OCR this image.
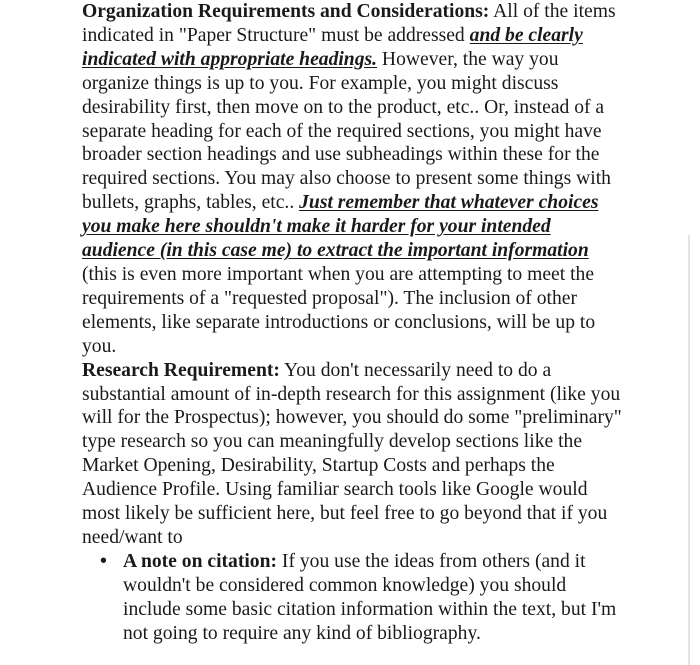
Organization Requirements and Considerations: All of the items indicated in "Paper Structure" must be addressed and be clearly indicated with appropriate headings. However, the way you organize things is up to you. For example, you might discuss desirability first, then move on to the product, etc.. Or, instead of a separate heading for each of the required sections, you might have broader section headings and use subheadings within these for the required sections. You may also choose to present some things with bullets, graphs, tables, etc.. Just remember that whatever choices you make here shouldn't make it harder for your intended audience (in this case me) to extract the important information (this is even more important when you are attempting to meet the requirements of a "requested proposal"). The inclusion of other elements, like separate introductions or conclusions, will be up to you.

Research Requirement: You don't necessarily need to do a substantial amount of in-depth research for this assignment (like you will for the Prospectus); however, you should do some "preliminary" type research so you can meaningfully develop sections like the Market Opening, Desirability, Startup Costs and perhaps the Audience Profile. Using familiar search tools like Google would most likely be sufficient here, but feel free to go beyond that if you need/want to

• A note on citation: If you use the ideas from others (and it wouldn't be considered common knowledge) you should include some basic citation information within the text, but I'm not going to require any kind of bibliography.
